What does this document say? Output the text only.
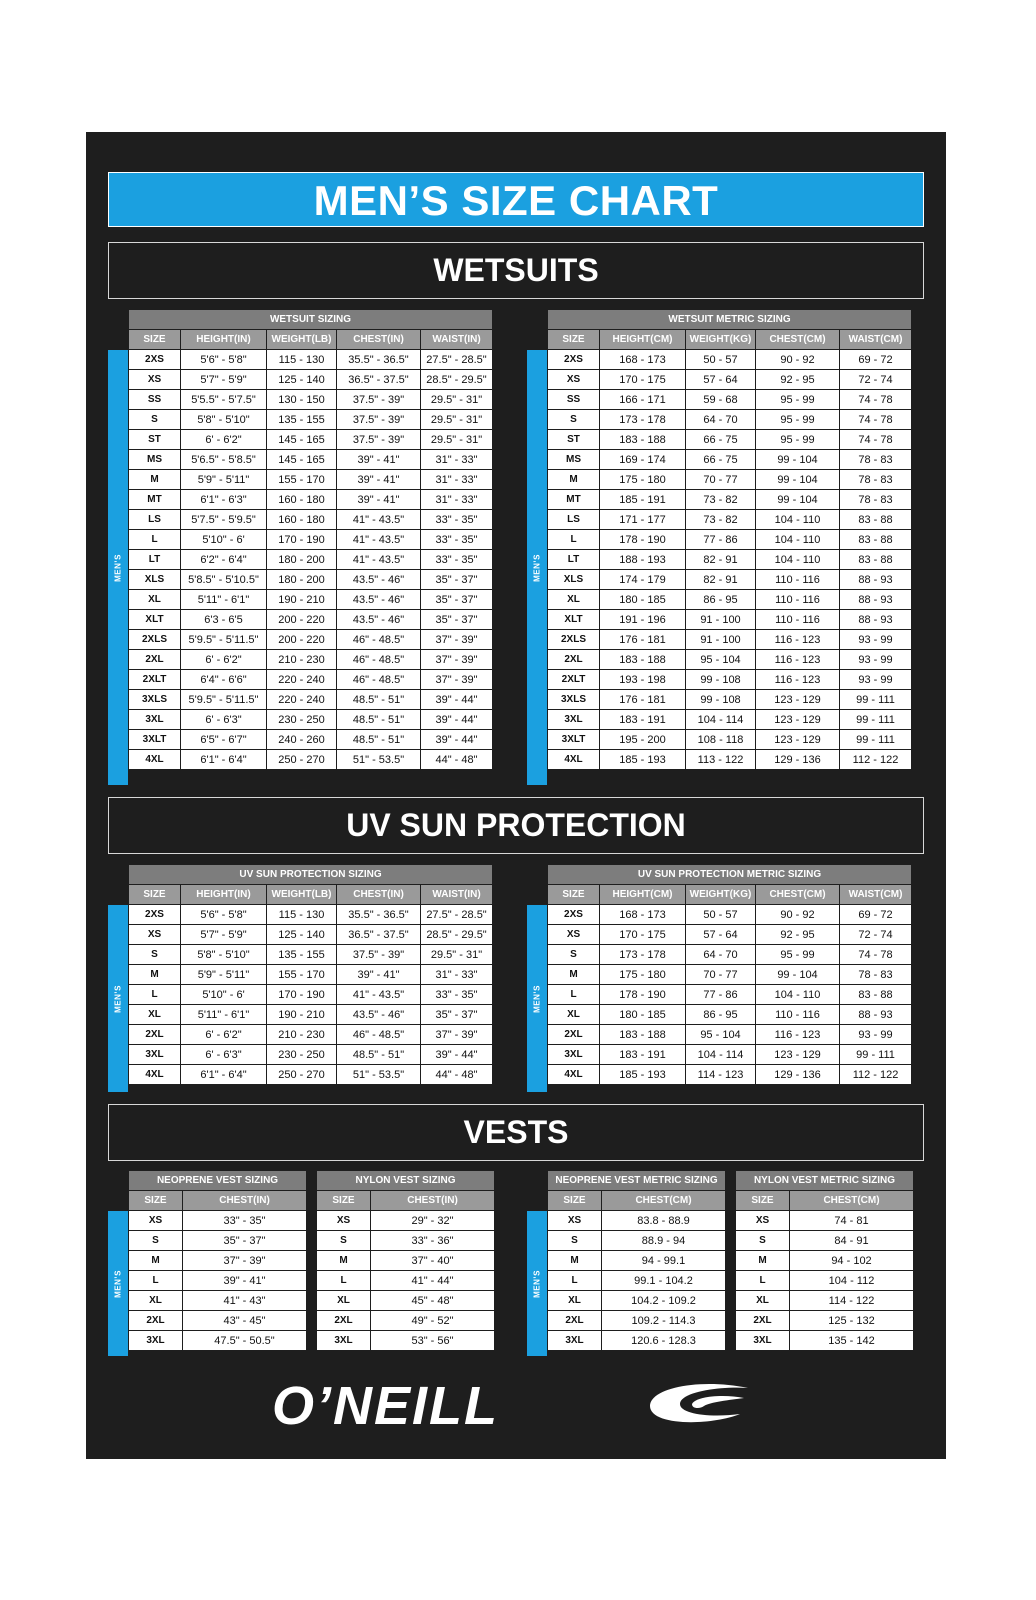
MEN’S SIZE CHART
WETSUITS
MEN’S
WETSUIT SIZING				
SIZE	HEIGHT(IN)	WEIGHT(LB)	CHEST(IN)	WAIST(IN)
2XS	5'6" - 5'8"	115 - 130	35.5" - 36.5"	27.5" - 28.5"
XS	5'7" - 5'9"	125 - 140	36.5" - 37.5"	28.5" - 29.5"
SS	5'5.5" - 5'7.5"	130 - 150	37.5" - 39"	29.5" - 31"
S	5'8" - 5'10"	135 - 155	37.5" - 39"	29.5" - 31"
ST	6' - 6'2"	145 - 165	37.5" - 39"	29.5" - 31"
MS	5'6.5" - 5'8.5"	145 - 165	39" - 41"	31" - 33"
M	5'9" - 5'11"	155 - 170	39" - 41"	31" - 33"
MT	6'1" - 6'3"	160 - 180	39" - 41"	31" - 33"
LS	5'7.5" - 5'9.5"	160 - 180	41" - 43.5"	33" - 35"
L	5'10" - 6'	170 - 190	41" - 43.5"	33" - 35"
LT	6'2" - 6'4"	180 - 200	41" - 43.5"	33" - 35"
XLS	5'8.5" - 5'10.5"	180 - 200	43.5" - 46"	35" - 37"
XL	5'11" - 6'1"	190 - 210	43.5" - 46"	35" - 37"
XLT	6'3 - 6'5	200 - 220	43.5" - 46"	35" - 37"
2XLS	5'9.5" - 5'11.5"	200 - 220	46" - 48.5"	37" - 39"
2XL	6' - 6'2"	210 - 230	46" - 48.5"	37" - 39"
2XLT	6'4" - 6'6"	220 - 240	46" - 48.5"	37" - 39"
3XLS	5'9.5" - 5'11.5"	220 - 240	48.5" - 51"	39" - 44"
3XL	6' - 6'3"	230 - 250	48.5" - 51"	39" - 44"
3XLT	6'5" - 6'7"	240 - 260	48.5" - 51"	39" - 44"
4XL	6'1" - 6'4"	250 - 270	51" - 53.5"	44" - 48"
MEN’S
WETSUIT METRIC SIZING				
SIZE	HEIGHT(CM)	WEIGHT(KG)	CHEST(CM)	WAIST(CM)
2XS	168 - 173	50 - 57	90 - 92	69 - 72
XS	170 - 175	57 - 64	92 - 95	72 - 74
SS	166 - 171	59 - 68	95 - 99	74 - 78
S	173 - 178	64 - 70	95 - 99	74 - 78
ST	183 - 188	66 - 75	95 - 99	74 - 78
MS	169 - 174	66 - 75	99 - 104	78 - 83
M	175 - 180	70 - 77	99 - 104	78 - 83
MT	185 - 191	73 - 82	99 - 104	78 - 83
LS	171 - 177	73 - 82	104 - 110	83 - 88
L	178 - 190	77 - 86	104 - 110	83 - 88
LT	188 - 193	82 - 91	104 - 110	83 - 88
XLS	174 - 179	82 - 91	110 - 116	88 - 93
XL	180 - 185	86 - 95	110 - 116	88 - 93
XLT	191 - 196	91 - 100	110 - 116	88 - 93
2XLS	176 - 181	91 - 100	116 - 123	93 - 99
2XL	183 - 188	95 - 104	116 - 123	93 - 99
2XLT	193 - 198	99 - 108	116 - 123	93 - 99
3XLS	176 - 181	99 - 108	123 - 129	99 - 111
3XL	183 - 191	104 - 114	123 - 129	99 - 111
3XLT	195 - 200	108 - 118	123 - 129	99 - 111
4XL	185 - 193	113 - 122	129 - 136	112 - 122
UV SUN PROTECTION
MEN’S
UV SUN PROTECTION SIZING				
SIZE	HEIGHT(IN)	WEIGHT(LB)	CHEST(IN)	WAIST(IN)
2XS	5'6" - 5'8"	115 - 130	35.5" - 36.5"	27.5" - 28.5"
XS	5'7" - 5'9"	125 - 140	36.5" - 37.5"	28.5" - 29.5"
S	5'8" - 5'10"	135 - 155	37.5" - 39"	29.5" - 31"
M	5'9" - 5'11"	155 - 170	39" - 41"	31" - 33"
L	5'10" - 6'	170 - 190	41" - 43.5"	33" - 35"
XL	5'11" - 6'1"	190 - 210	43.5" - 46"	35" - 37"
2XL	6' - 6'2"	210 - 230	46" - 48.5"	37" - 39"
3XL	6' - 6'3"	230 - 250	48.5" - 51"	39" - 44"
4XL	6'1" - 6'4"	250 - 270	51" - 53.5"	44" - 48"
MEN’S
UV SUN PROTECTION METRIC SIZING				
SIZE	HEIGHT(CM)	WEIGHT(KG)	CHEST(CM)	WAIST(CM)
2XS	168 - 173	50 - 57	90 - 92	69 - 72
XS	170 - 175	57 - 64	92 - 95	72 - 74
S	173 - 178	64 - 70	95 - 99	74 - 78
M	175 - 180	70 - 77	99 - 104	78 - 83
L	178 - 190	77 - 86	104 - 110	83 - 88
XL	180 - 185	86 - 95	110 - 116	88 - 93
2XL	183 - 188	95 - 104	116 - 123	93 - 99
3XL	183 - 191	104 - 114	123 - 129	99 - 111
4XL	185 - 193	114 - 123	129 - 136	112 - 122
VESTS
MEN’S
NEOPRENE VEST SIZING	
SIZE	CHEST(IN)
XS	33" - 35"
S	35" - 37"
M	37" - 39"
L	39" - 41"
XL	41" - 43"
2XL	43" - 45"
3XL	47.5" - 50.5"
NYLON VEST SIZING	
SIZE	CHEST(IN)
XS	29" - 32"
S	33" - 36"
M	37" - 40"
L	41" - 44"
XL	45" - 48"
2XL	49" - 52"
3XL	53" - 56"
MEN’S
NEOPRENE VEST METRIC SIZING	
SIZE	CHEST(CM)
XS	83.8 - 88.9
S	88.9 - 94
M	94 - 99.1
L	99.1 - 104.2
XL	104.2 - 109.2
2XL	109.2 - 114.3
3XL	120.6 - 128.3
NYLON VEST METRIC SIZING	
SIZE	CHEST(CM)
XS	74 - 81
S	84 - 91
M	94 - 102
L	104 - 112
XL	114 - 122
2XL	125 - 132
3XL	135 - 142
O’NEILL
